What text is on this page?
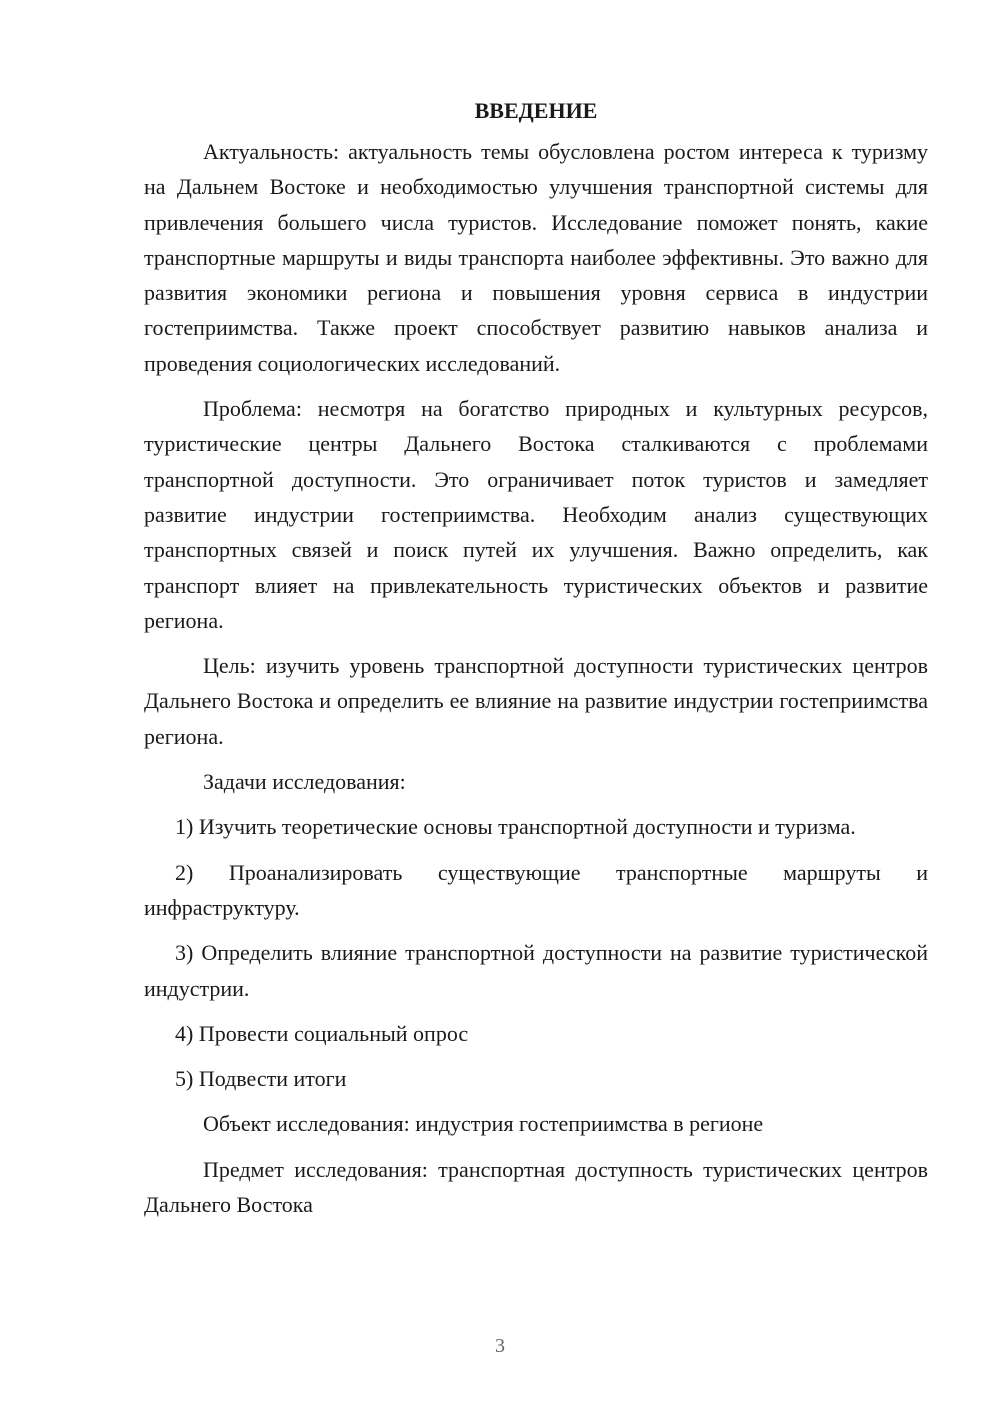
ВВЕДЕНИЕ

Актуальность: актуальность темы обусловлена ростом интереса к туризму на Дальнем Востоке и необходимостью улучшения транспортной системы для привлечения большего числа туристов. Исследование поможет понять, какие транспортные маршруты и виды транспорта наиболее эффективны. Это важно для развития экономики региона и повышения уровня сервиса в индустрии гостеприимства. Также проект способствует развитию навыков анализа и проведения социологических исследований.

Проблема: несмотря на богатство природных и культурных ресурсов, туристические центры Дальнего Востока сталкиваются с проблемами транспортной доступности. Это ограничивает поток туристов и замедляет развитие индустрии гостеприимства. Необходим анализ существующих транспортных связей и поиск путей их улучшения. Важно определить, как транспорт влияет на привлекательность туристических объектов и развитие региона.

Цель: изучить уровень транспортной доступности туристических центров Дальнего Востока и определить ее влияние на развитие индустрии гостеприимства региона.

Задачи исследования:

1) Изучить теоретические основы транспортной доступности и туризма.

2) Проанализировать существующие транспортные маршруты и инфраструктуру.

3) Определить влияние транспортной доступности на развитие туристической индустрии.

4) Провести социальный опрос

5) Подвести итоги

Объект исследования: индустрия гостеприимства в регионе

Предмет исследования: транспортная доступность туристических центров Дальнего Востока

3
